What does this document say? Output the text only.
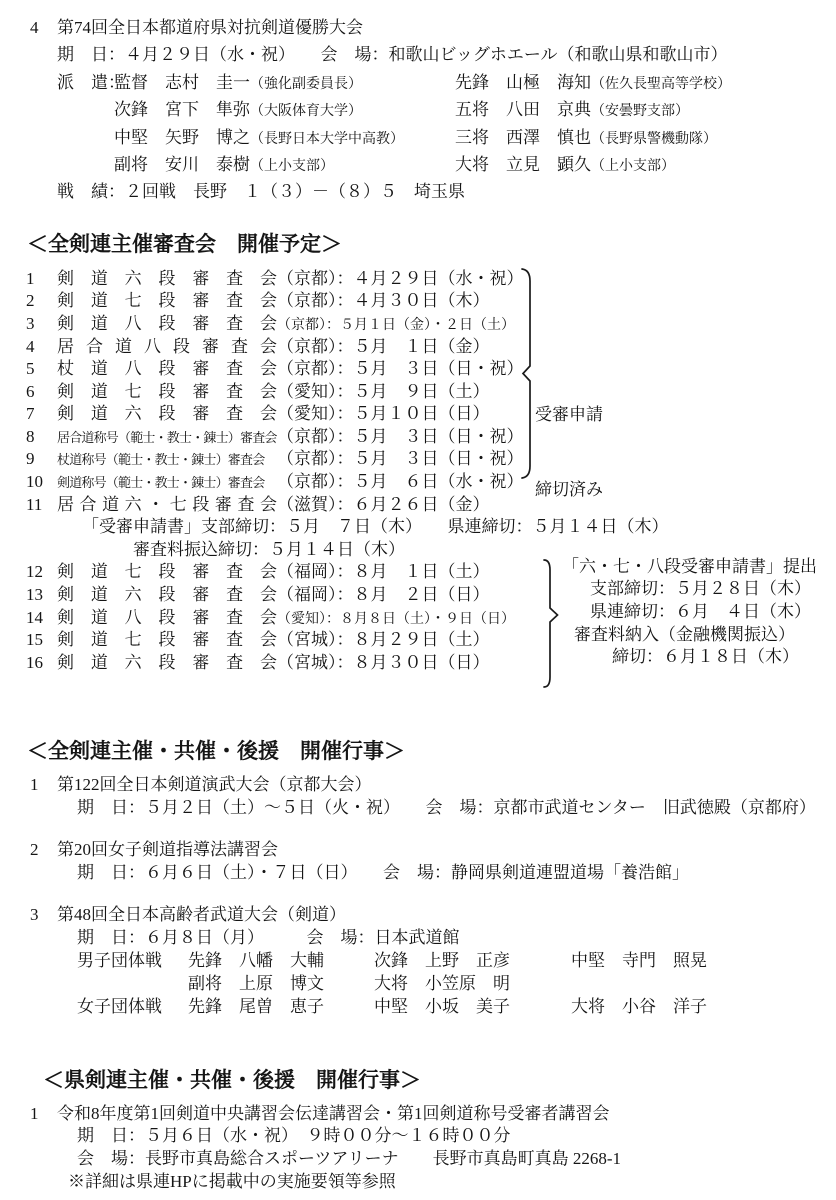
4 第74回全日本都道府県対抗剣道優勝大会
期　日：４月２９日（水・祝）　　会　場：和歌山ビッグホエール（和歌山県和歌山市）
派　遣：
監督　志村　圭一（強化副委員長）	先鋒　山極　海知（佐久長聖高等学校）
次鋒　宮下　隼弥（大阪体育大学）	五将　八田　京典（安曇野支部）
中堅　矢野　博之（長野日本大学中高教）	三将　西澤　慎也（長野県警機動隊）
副将　安川　泰樹（上小支部）	大将　立見　顕久（上小支部）
戦　績：２回戦　長野　１（３）－（８）５　埼玉県
＜全剣連主催審査会　開催予定＞
1	剣道六段審査会 （京都）：４月２９日（水・祝）
2	剣道七段審査会 （京都）：４月３０日（木）
3	剣道八段審査会 （京都）：５月１日（金）・２日（土）
4	居合道八段審査会 （京都）：５月　１日（金）
5	杖道八段審査会 （京都）：５月　３日（日・祝）
6	剣道七段審査会 （愛知）：５月　９日（土）
7	剣道六段審査会 （愛知）：５月１０日（日）
8	居合道称号（範士・教士・錬士）審査会 （京都）：５月　３日（日・祝）
9	杖道称号（範士・教士・錬士）審査会 （京都）：５月　３日（日・祝）
10	剣道称号（範士・教士・錬士）審査会 （京都）：５月　６日（水・祝）
11 居合道六・七段審査会 （滋賀）：６月２６日（金）
「受審申請書」支部締切：５月　７日（木）　　県連締切：５月１４日（木）
審査料振込締切：５月１４日（木）
12 剣道七段審査会 （福岡）：８月　１日（土）
13 剣道六段審査会 （福岡）：８月　２日（日）
14 剣道八段審査会 （愛知）：８月８日（土）・９日（日）
15 剣道七段審査会 （宮城）：８月２９日（土）
16 剣道六段審査会 （宮城）：８月３０日（日）

受審申請

締切済み

「六・七・八段受審申請書」提出
支部締切：５月２８日（木）
県連締切：６月　４日（木）
審査料納入（金融機関振込）
締切：６月１８日（木）
＜全剣連主催・共催・後援　開催行事＞
1 第122回全日本剣道演武大会（京都大会）
期　日：５月２日（土）～５日（火・祝）　　会　場：京都市武道センター　旧武徳殿（京都府）
2 第20回女子剣道指導法講習会
期　日：６月６日（土）・７日（日）　　会　場：静岡県剣道連盟道場「養浩館」
3 第48回全日本高齢者武道大会（剣道）
期　日：６月８日（月）　　　会　場：日本武道館
男子団体戦	先鋒　八幡　大輔	次鋒　上野　正彦	中堅　寺門　照晃
副将　上原　博文	大将　小笠原　明
女子団体戦	先鋒　尾曽　恵子	中堅　小坂　美子	大将　小谷　洋子
＜県剣連主催・共催・後援　開催行事＞
1 令和8年度第1回剣道中央講習会伝達講習会・第1回剣道称号受審者講習会
期　日：５月６日（水・祝）　９時００分～１６時００分
会　場：長野市真島総合スポーツアリーナ　　長野市真島町真島 2268-1
※詳細は県連HPに掲載中の実施要領等参照
